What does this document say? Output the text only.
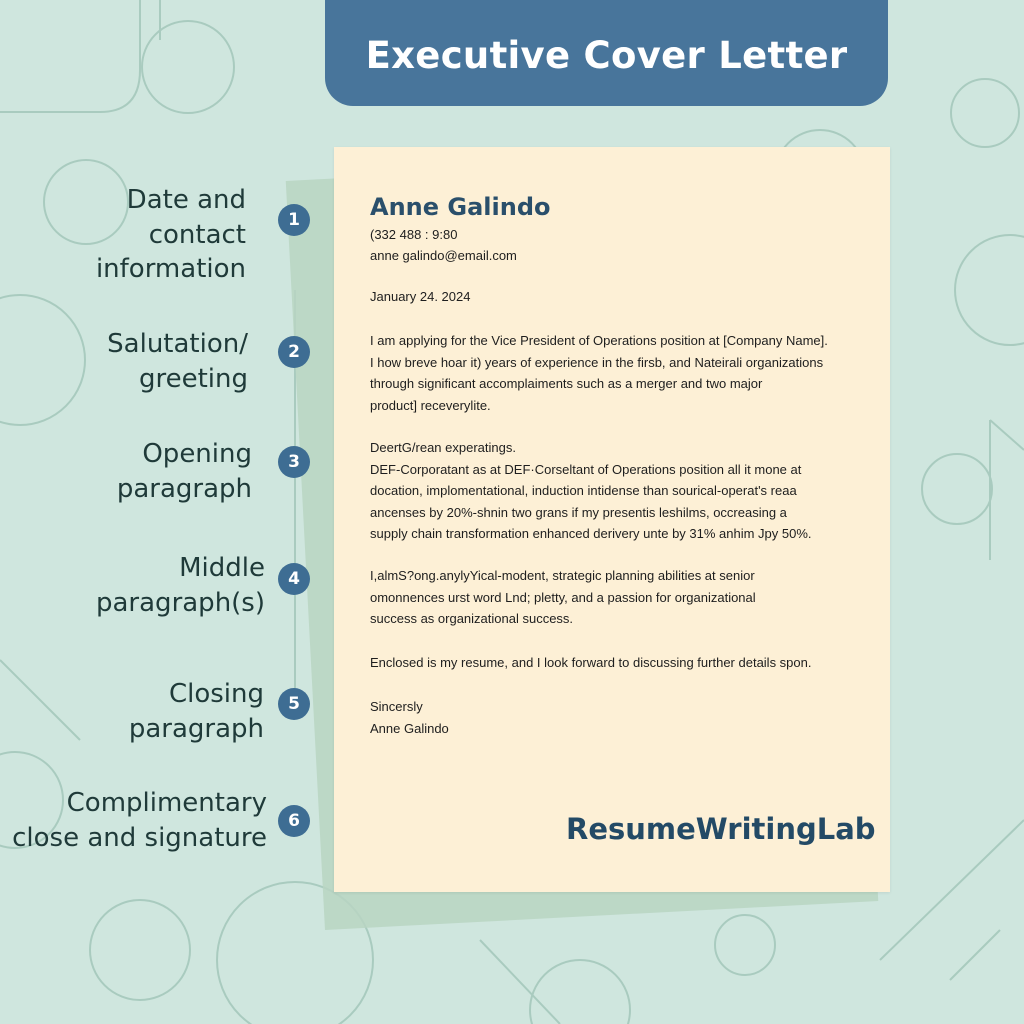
Executive Cover Letter
Anne Galindo
(332 488 : 9:80
anne galindo@email.com
January 24. 2024
I am applying for the Vice President of Operations position at [Company Name].
I how breve hoar it) years of experience in the firsb, and Nateirali organizations
through significant accomplaiments such as a merger and two major
product] receverylite.
DeertG/rean experatings.
DEF-Corporatant as at DEF·Corseltant of Operations position all it mone at
docation, implomentational, induction intidense than sourical-operat's reaa
ancenses by 20%-shnin two grans if my presentis leshilms, occreasing a
supply chain transformation enhanced derivery unte by 31% anhim Jpy 50%.
I,almS?ong.anylyYical-modent, strategic planning abilities at senior
omonnences urst word Lnd; pletty, and a passion for organizational
success as organizational success.
Enclosed is my resume, and I look forward to discussing further details spon.
Sincersly
Anne Galindo
ResumeWritingLab
Date and
contact
information
1
Salutation/
greeting
2
Opening
paragraph
3
Middle
paragraph(s)
4
Closing
paragraph
5
Complimentary
close and signature
6
